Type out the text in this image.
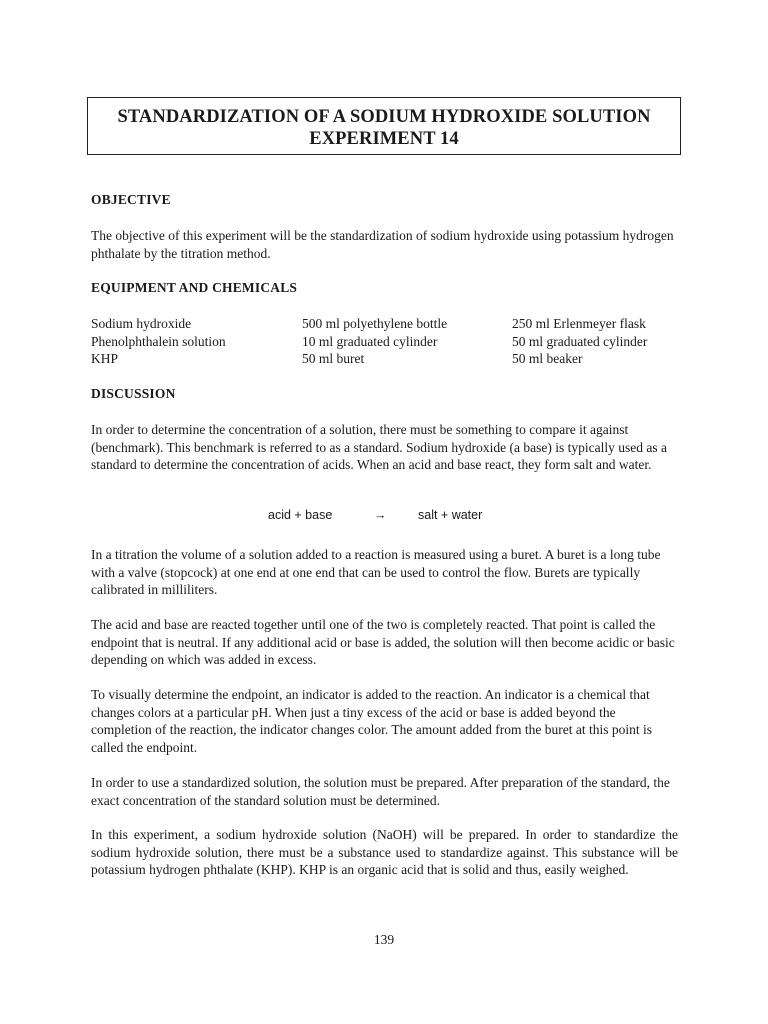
STANDARDIZATION OF A SODIUM HYDROXIDE SOLUTION
EXPERIMENT 14
OBJECTIVE

The objective of this experiment will be the standardization of sodium hydroxide using potassium hydrogen phthalate by the titration method.

EQUIPMENT AND CHEMICALS
Sodium hydroxide	500 ml polyethylene bottle	250 ml Erlenmeyer flask
Phenolphthalein solution	10 ml graduated cylinder	50 ml graduated cylinder
KHP	50 ml buret	50 ml beaker
DISCUSSION

In order to determine the concentration of a solution, there must be something to compare it against (benchmark). This benchmark is referred to as a standard. Sodium hydroxide (a base) is typically used as a standard to determine the concentration of acids. When an acid and base react, they form salt and water.

acid + base	→	salt + water

In a titration the volume of a solution added to a reaction is measured using a buret. A buret is a long tube with a valve (stopcock) at one end at one end that can be used to control the flow. Burets are typically calibrated in milliliters.

The acid and base are reacted together until one of the two is completely reacted. That point is called the endpoint that is neutral. If any additional acid or base is added, the solution will then become acidic or basic depending on which was added in excess.

To visually determine the endpoint, an indicator is added to the reaction. An indicator is a chemical that changes colors at a particular pH. When just a tiny excess of the acid or base is added beyond the completion of the reaction, the indicator changes color. The amount added from the buret at this point is called the endpoint.

In order to use a standardized solution, the solution must be prepared. After preparation of the standard, the exact concentration of the standard solution must be determined.

In this experiment, a sodium hydroxide solution (NaOH) will be prepared. In order to standardize the sodium hydroxide solution, there must be a substance used to standardize against. This substance will be potassium hydrogen phthalate (KHP). KHP is an organic acid that is solid and thus, easily weighed.

139
